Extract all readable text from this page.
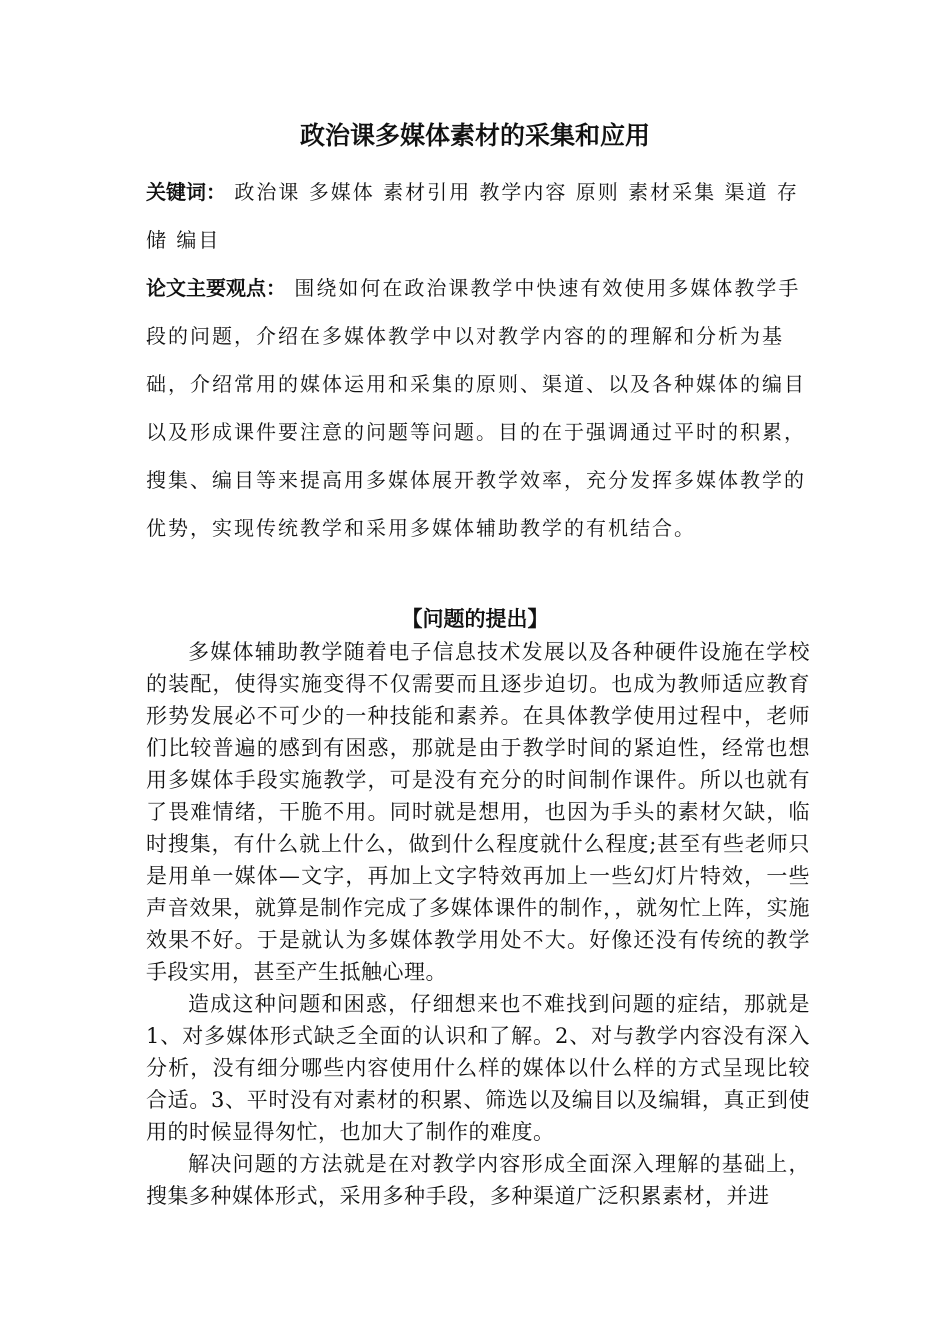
政治课多媒体素材的采集和应用
关键词： 政治课 多媒体 素材引用 教学内容 原则 素材采集 渠道 存储 编目
论文主要观点： 围绕如何在政治课教学中快速有效使用多媒体教学手段的问题，介绍在多媒体教学中以对教学内容的的理解和分析为基础，介绍常用的媒体运用和采集的原则、渠道、以及各种媒体的编目以及形成课件要注意的问题等问题。目的在于强调通过平时的积累，搜集、编目等来提高用多媒体展开教学效率，充分发挥多媒体教学的优势，实现传统教学和采用多媒体辅助教学的有机结合。
【问题的提出】

多媒体辅助教学随着电子信息技术发展以及各种硬件设施在学校的装配，使得实施变得不仅需要而且逐步迫切。也成为教师适应教育形势发展必不可少的一种技能和素养。在具体教学使用过程中，老师们比较普遍的感到有困惑，那就是由于教学时间的紧迫性，经常也想用多媒体手段实施教学，可是没有充分的时间制作课件。所以也就有了畏难情绪，干脆不用。同时就是想用，也因为手头的素材欠缺，临时搜集，有什么就上什么，做到什么程度就什么程度;甚至有些老师只是用单一媒体—文字，再加上文字特效再加上一些幻灯片特效，一些声音效果，就算是制作完成了多媒体课件的制作，，就匆忙上阵，实施效果不好。于是就认为多媒体教学用处不大。好像还没有传统的教学手段实用，甚至产生抵触心理。

造成这种问题和困惑，仔细想来也不难找到问题的症结，那就是1、对多媒体形式缺乏全面的认识和了解。2、对与教学内容没有深入分析，没有细分哪些内容使用什么样的媒体以什么样的方式呈现比较合适。3、平时没有对素材的积累、筛选以及编目以及编辑，真正到使用的时候显得匆忙，也加大了制作的难度。

解决问题的方法就是在对教学内容形成全面深入理解的基础上，搜集多种媒体形式，采用多种手段，多种渠道广泛积累素材，并进
